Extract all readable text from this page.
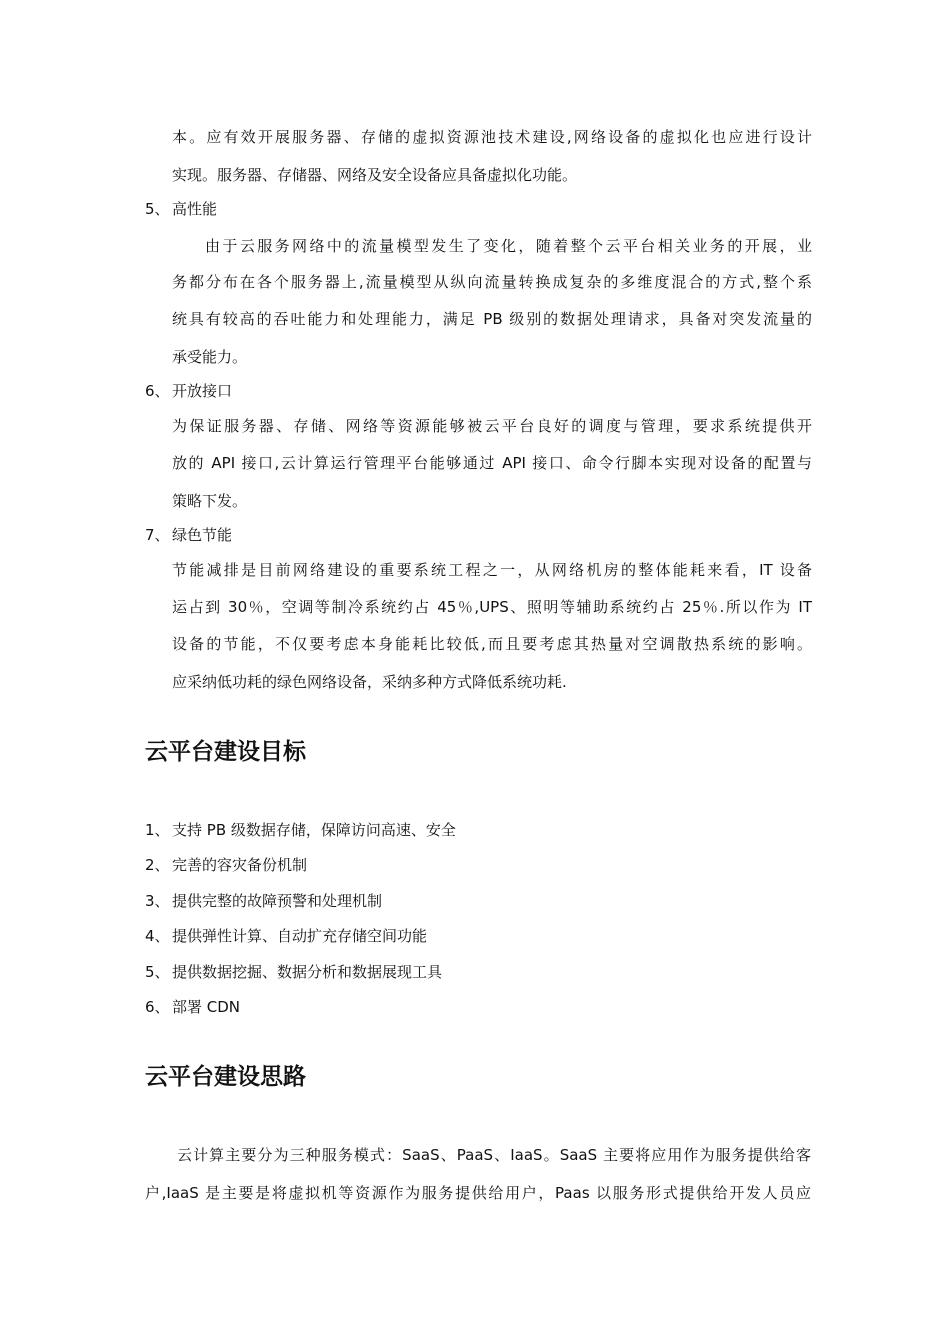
本。应有效开展服务器、存储的虚拟资源池技术建设,网络设备的虚拟化也应进行设计
实现。服务器、存储器、网络及安全设备应具备虚拟化功能。
5、 高性能
由于云服务网络中的流量模型发生了变化，随着整个云平台相关业务的开展，业
务都分布在各个服务器上,流量模型从纵向流量转换成复杂的多维度混合的方式,整个系
统具有较高的吞吐能力和处理能力，满足 PB 级别的数据处理请求，具备对突发流量的
承受能力。
6、 开放接口
为保证服务器、存储、网络等资源能够被云平台良好的调度与管理，要求系统提供开
放的 API 接口,云计算运行管理平台能够通过 API 接口、命令行脚本实现对设备的配置与
策略下发。
7、 绿色节能
节能减排是目前网络建设的重要系统工程之一，从网络机房的整体能耗来看，IT 设备
运占到 30％，空调等制冷系统约占 45％,UPS、照明等辅助系统约占 25％.所以作为 IT
设备的节能，不仅要考虑本身能耗比较低,而且要考虑其热量对空调散热系统的影响。
应采纳低功耗的绿色网络设备，采纳多种方式降低系统功耗.
云平台建设目标
1、 支持 PB 级数据存储，保障访问高速、安全
2、 完善的容灾备份机制
3、 提供完整的故障预警和处理机制
4、 提供弹性计算、自动扩充存储空间功能
5、 提供数据挖掘、数据分析和数据展现工具
6、 部署 CDN
云平台建设思路
云计算主要分为三种服务模式：SaaS、PaaS、IaaS。SaaS 主要将应用作为服务提供给客
户,IaaS 是主要是将虚拟机等资源作为服务提供给用户，Paas 以服务形式提供给开发人员应
